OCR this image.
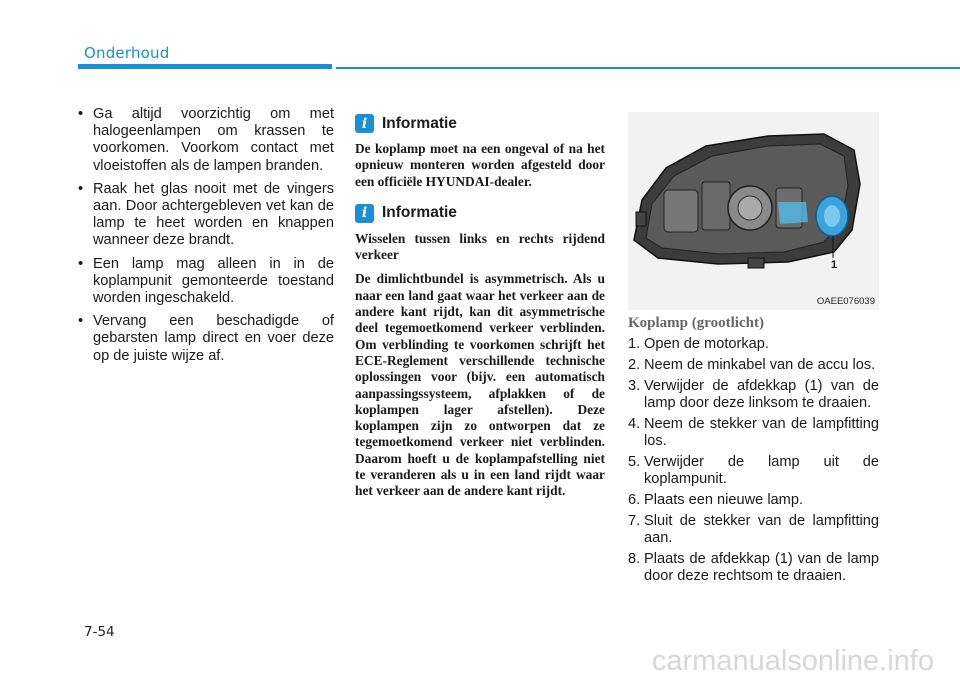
Onderhoud
• Ga altijd voorzichtig om met halogeenlampen om krassen te voorkomen. Voorkom contact met vloeistoffen als de lampen branden.
• Raak het glas nooit met de vingers aan. Door achtergebleven vet kan de lamp te heet worden en knappen wanneer deze brandt.
• Een lamp mag alleen in in de koplampunit gemonteerde toestand worden ingeschakeld.
• Vervang een beschadigde of gebarsten lamp direct en voer deze op de juiste wijze af.
i Informatie

De koplamp moet na een ongeval of na het opnieuw monteren worden afgesteld door een officiële HYUNDAI-dealer.

i Informatie

Wisselen tussen links en rechts rijdend verkeer

De dimlichtbundel is asymmetrisch. Als u naar een land gaat waar het verkeer aan de andere kant rijdt, kan dit asymmetrische deel tegemoetkomend verkeer verblinden. Om verblinding te voorkomen schrijft het ECE-Reglement verschillende technische oplossingen voor (bijv. een automatisch aanpassingssysteem, afplakken of de koplampen lager afstellen). Deze koplampen zijn zo ontworpen dat ze tegemoetkomend verkeer niet verblinden. Daarom hoeft u de koplampafstelling niet te veranderen als u in een land rijdt waar het verkeer aan de andere kant rijdt.

1
OAEE076039
Koplamp (grootlicht)
1. Open de motorkap.
2. Neem de minkabel van de accu los.
3. Verwijder de afdekkap (1) van de lamp door deze linksom te draaien.
4. Neem de stekker van de lampfitting los.
5. Verwijder de lamp uit de koplampunit.
6. Plaats een nieuwe lamp.
7. Sluit de stekker van de lampfitting aan.
8. Plaats de afdekkap (1) van de lamp door deze rechtsom te draaien.
7-54
carmanualsonline.info
